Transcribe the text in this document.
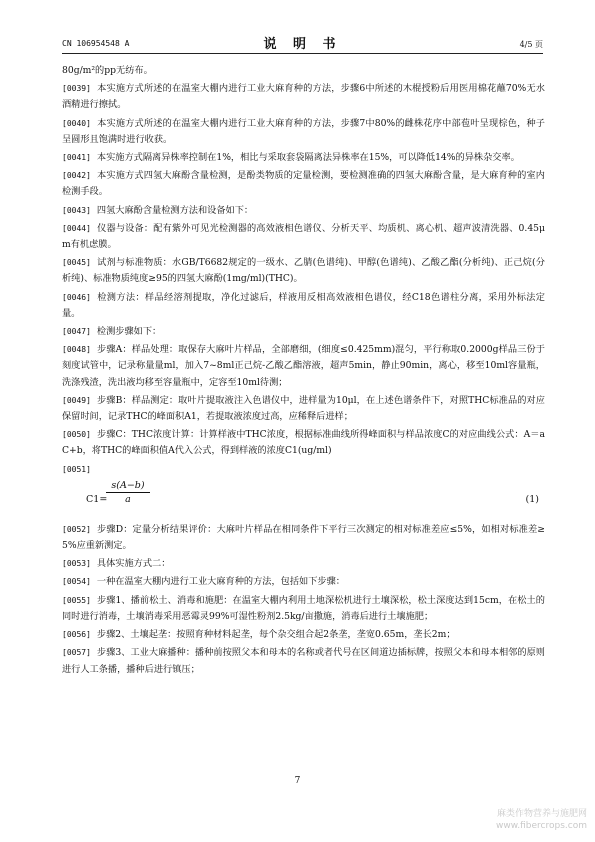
CN 106954548 A	说 明 书	4/5 页

80g/m²的pp无纺布。

[0039] 本实施方式所述的在温室大棚内进行工业大麻育种的方法，步骤6中所述的木棍授粉后用医用棉花蘸70%无水酒精进行擦拭。

[0040] 本实施方式所述的在温室大棚内进行工业大麻育种的方法，步骤7中80%的雌株花序中部苞叶呈现棕色，种子呈圆形且饱满时进行收获。

[0041] 本实施方式隔离异株率控制在1%，相比与采取套袋隔离法异株率在15%，可以降低14%的异株杂交率。

[0042] 本实施方式四氢大麻酚含量检测，是酚类物质的定量检测，要检测准确的四氢大麻酚含量，是大麻育种的室内检测手段。

[0043] 四氢大麻酚含量检测方法和设备如下：

[0044] 仪器与设备：配有紫外可见光检测器的高效液相色谱仪、分析天平、均质机、离心机、超声波清洗器、0.45μm有机虑膜。

[0045] 试剂与标准物质：水GB/T6682规定的一级水、乙腈(色谱纯)、甲醇(色谱纯)、乙酸乙酯(分析纯)、正己烷(分析纯)、标准物质纯度≥95的四氢大麻酚(1mg/ml)(THC)。

[0046] 检测方法：样品经溶剂提取，净化过滤后，样液用反相高效液相色谱仪，经C18色谱柱分离，采用外标法定量。

[0047] 检测步骤如下：

[0048] 步骤A：样品处理：取保存大麻叶片样品，全部磨细，(细度≤0.425mm)混匀，平行称取0.2000g样品三份于刻度试管中，记录称量量ml，加入7~8ml正己烷-乙酸乙酯溶液，超声5min，静止90min，离心，移至10ml容量瓶，洗涤残渣，洗出液均移至容量瓶中，定容至10ml待测；

[0049] 步骤B：样品测定：取叶片提取液注入色谱仪中，进样量为10μl，在上述色谱条件下，对照THC标准品的对应保留时间，记录THC的峰面积A1，若提取液浓度过高，应稀释后进样；

[0050] 步骤C：THC浓度计算：计算样液中THC浓度，根据标准曲线所得峰面积与样品浓度C的对应曲线公式：A＝aC+b，将THC的峰面积值A代入公式，得到样液的浓度C1(ug/ml)

[0051]

C1=
$\frac{s(A-b)}{a}$	(1)

[0052] 步骤D：定量分析结果评价：大麻叶片样品在相同条件下平行三次测定的相对标准差应≤5%，如相对标准差≥5%应重新测定。

[0053] 具体实施方式二：

[0054] 一种在温室大棚内进行工业大麻育种的方法，包括如下步骤：

[0055] 步骤1、播前松土、消毒和施肥：在温室大棚内利用土地深松机进行土壤深松，松土深度达到15cm，在松土的同时进行消毒，土壤消毒采用恶霉灵99%可湿性粉剂2.5kg/亩撒施，消毒后进行土壤施肥；

[0056] 步骤2、土壤起垄：按照育种材料起垄，每个杂交组合起2条垄，垄宽0.65m，垄长2m；

[0057] 步骤3、工业大麻播种：播种前按照父本和母本的名称或者代号在区间道边插标牌，按照父本和母本相邻的原则进行人工条播，播种后进行镇压；

7
麻类作物营养与施肥网
www.fibercrops.com
